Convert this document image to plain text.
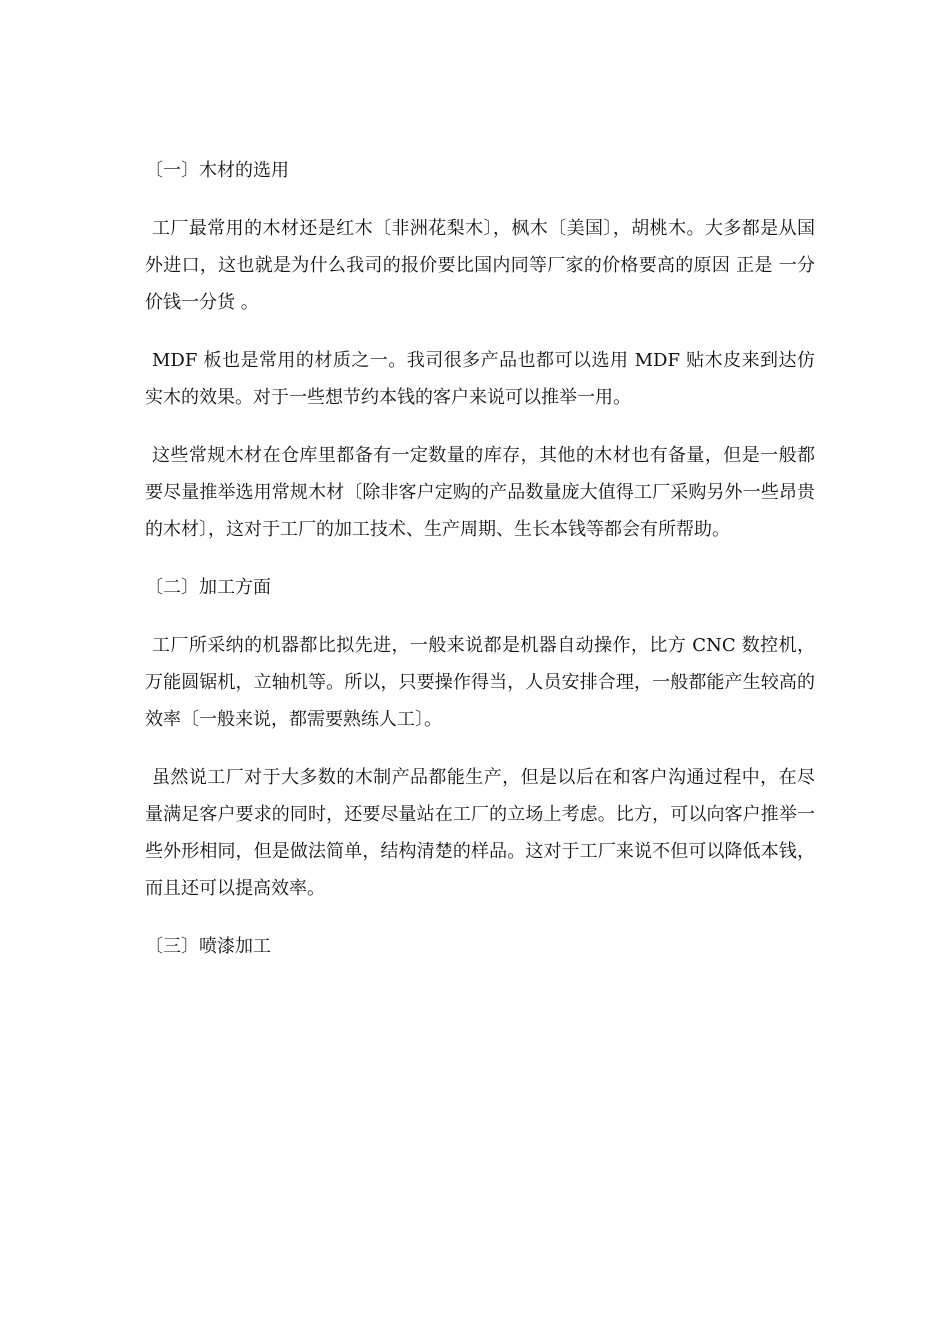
〔一〕木材的选用
工厂最常用的木材还是红木〔非洲花梨木〕，枫木〔美国〕，胡桃木。大多都是从国外进口，这也就是为什么我司的报价要比国内同等厂家的价格要高的原因 正是 一分价钱一分货 。
MDF 板也是常用的材质之一。我司很多产品也都可以选用 MDF 贴木皮来到达仿实木的效果。对于一些想节约本钱的客户来说可以推举一用。
这些常规木材在仓库里都备有一定数量的库存，其他的木材也有备量，但是一般都要尽量推举选用常规木材〔除非客户定购的产品数量庞大值得工厂采购另外一些昂贵的木材〕，这对于工厂的加工技术、生产周期、生长本钱等都会有所帮助。
〔二〕加工方面
工厂所采纳的机器都比拟先进，一般来说都是机器自动操作，比方 CNC 数控机，万能圆锯机，立轴机等。所以，只要操作得当，人员安排合理，一般都能产生较高的效率〔一般来说，都需要熟练人工〕。
虽然说工厂对于大多数的木制产品都能生产，但是以后在和客户沟通过程中，在尽量满足客户要求的同时，还要尽量站在工厂的立场上考虑。比方，可以向客户推举一些外形相同，但是做法简单，结构清楚的样品。这对于工厂来说不但可以降低本钱，而且还可以提高效率。
〔三〕喷漆加工
